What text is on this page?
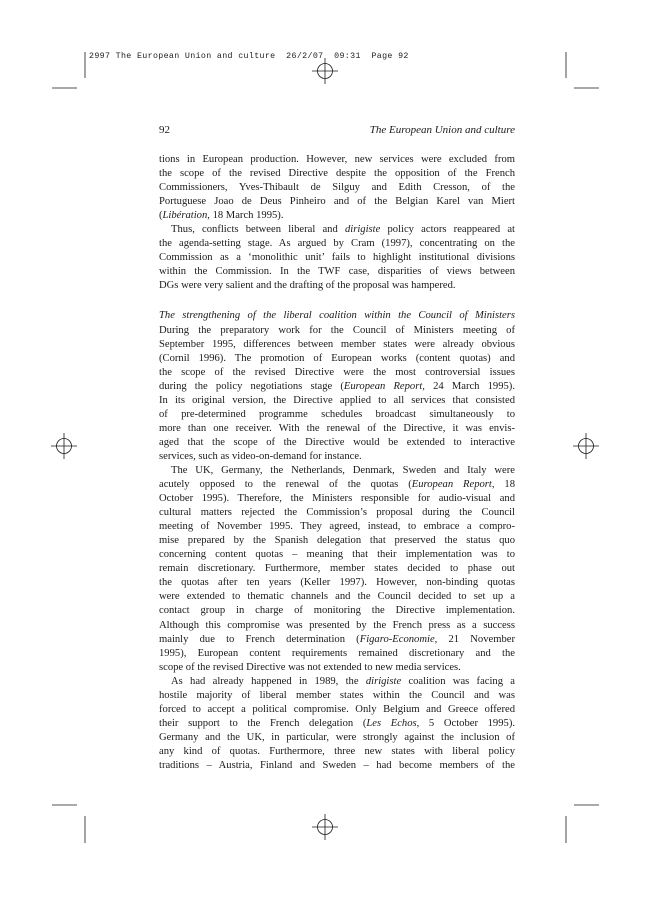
2997 The European Union and culture  26/2/07  09:31  Page 92
92	The European Union and culture
tions in European production. However, new services were excluded from
the scope of the revised Directive despite the opposition of the French
Commissioners, Yves-Thibault de Silguy and Edith Cresson, of the
Portuguese Joao de Deus Pinheiro and of the Belgian Karel van Miert
(Libération, 18 March 1995).
Thus, conflicts between liberal and dirigiste policy actors reappeared at
the agenda-setting stage. As argued by Cram (1997), concentrating on the
Commission as a ‘monolithic unit’ fails to highlight institutional divisions
within the Commission. In the TWF case, disparities of views between
DGs were very salient and the drafting of the proposal was hampered.
The strengthening of the liberal coalition within the Council of Ministers
During the preparatory work for the Council of Ministers meeting of
September 1995, differences between member states were already obvious
(Cornil 1996). The promotion of European works (content quotas) and
the scope of the revised Directive were the most controversial issues
during the policy negotiations stage (European Report, 24 March 1995).
In its original version, the Directive applied to all services that consisted
of pre-determined programme schedules broadcast simultaneously to
more than one receiver. With the renewal of the Directive, it was envis-
aged that the scope of the Directive would be extended to interactive
services, such as video-on-demand for instance.
The UK, Germany, the Netherlands, Denmark, Sweden and Italy were
acutely opposed to the renewal of the quotas (European Report, 18
October 1995). Therefore, the Ministers responsible for audio-visual and
cultural matters rejected the Commission’s proposal during the Council
meeting of November 1995. They agreed, instead, to embrace a compro-
mise prepared by the Spanish delegation that preserved the status quo
concerning content quotas – meaning that their implementation was to
remain discretionary. Furthermore, member states decided to phase out
the quotas after ten years (Keller 1997). However, non-binding quotas
were extended to thematic channels and the Council decided to set up a
contact group in charge of monitoring the Directive implementation.
Although this compromise was presented by the French press as a success
mainly due to French determination (Figaro-Economie, 21 November
1995), European content requirements remained discretionary and the
scope of the revised Directive was not extended to new media services.
As had already happened in 1989, the dirigiste coalition was facing a
hostile majority of liberal member states within the Council and was
forced to accept a political compromise. Only Belgium and Greece offered
their support to the French delegation (Les Echos, 5 October 1995).
Germany and the UK, in particular, were strongly against the inclusion of
any kind of quotas. Furthermore, three new states with liberal policy
traditions – Austria, Finland and Sweden – had become members of the
